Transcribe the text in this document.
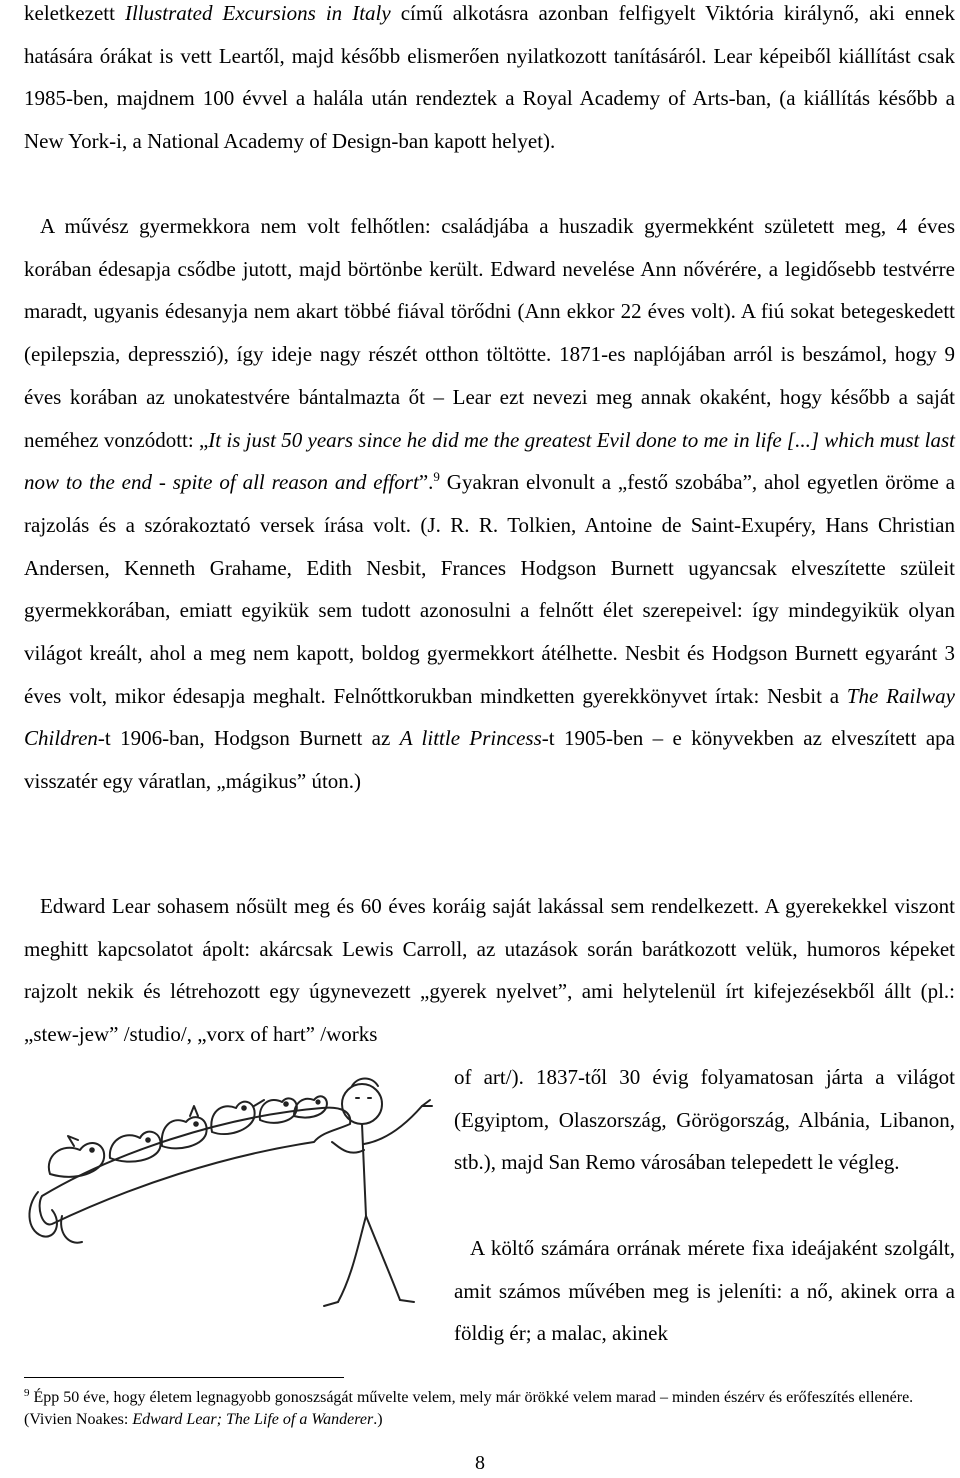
keletkezett Illustrated Excursions in Italy című alkotásra azonban felfigyelt Viktória királynő, aki ennek hatására órákat is vett Leartől, majd később elismerően nyilatkozott tanításáról. Lear képeiből kiállítást csak 1985-ben, majdnem 100 évvel a halála után rendeztek a Royal Academy of Arts-ban, (a kiállítás később a New York-i, a National Academy of Design-ban kapott helyet).

A művész gyermekkora nem volt felhőtlen: családjába a huszadik gyermekként született meg, 4 éves korában édesapja csődbe jutott, majd börtönbe került. Edward nevelése Ann nővérére, a legidősebb testvérre maradt, ugyanis édesanyja nem akart többé fiával törődni (Ann ekkor 22 éves volt). A fiú sokat betegeskedett (epilepszia, depresszió), így ideje nagy részét otthon töltötte. 1871-es naplójában arról is beszámol, hogy 9 éves korában az unokatestvére bántalmazta őt – Lear ezt nevezi meg annak okaként, hogy később a saját neméhez vonzódott: „It is just 50 years since he did me the greatest Evil done to me in life [...] which must last now to the end - spite of all reason and effort”.$^9$ Gyakran elvonult a „festő szobába”, ahol egyetlen öröme a rajzolás és a szórakoztató versek írása volt. (J. R. R. Tolkien, Antoine de Saint-Exupéry, Hans Christian Andersen, Kenneth Grahame, Edith Nesbit, Frances Hodgson Burnett ugyancsak elveszítette szüleit gyermekkorában, emiatt egyikük sem tudott azonosulni a felnőtt élet szerepeivel: így mindegyikük olyan világot kreált, ahol a meg nem kapott, boldog gyermekkort átélhette. Nesbit és Hodgson Burnett egyaránt 3 éves volt, mikor édesapja meghalt. Felnőttkorukban mindketten gyerekkönyvet írtak: Nesbit a The Railway Children-t 1906-ban, Hodgson Burnett az A little Princess-t 1905-ben – e könyvekben az elveszített apa visszatér egy váratlan, „mágikus” úton.)

Edward Lear sohasem nősült meg és 60 éves koráig saját lakással sem rendelkezett. A gyerekekkel viszont meghitt kapcsolatot ápolt: akárcsak Lewis Carroll, az utazások során barátkozott velük, humoros képeket rajzolt nekik és létrehozott egy úgynevezett „gyerek nyelvet”, ami helytelenül írt kifejezésekből állt (pl.: „stew-jew” /studio/, „vorx of hart” /works

of art/). 1837-től 30 évig folyamatosan járta a világot (Egyiptom, Olaszország, Görögország, Albánia, Libanon, stb.), majd San Remo városában telepedett le végleg.

A költő számára orrának mérete fixa ideájaként szolgált, amit számos művében meg is jeleníti: a nő, akinek orra a földig ér; a malac, akinek

$^9$ Épp 50 éve, hogy életem legnagyobb gonoszságát művelte velem, mely már örökké velem marad – minden észérv és erőfeszítés ellenére. (Vivien Noakes: Edward Lear; The Life of a Wanderer.)

8
